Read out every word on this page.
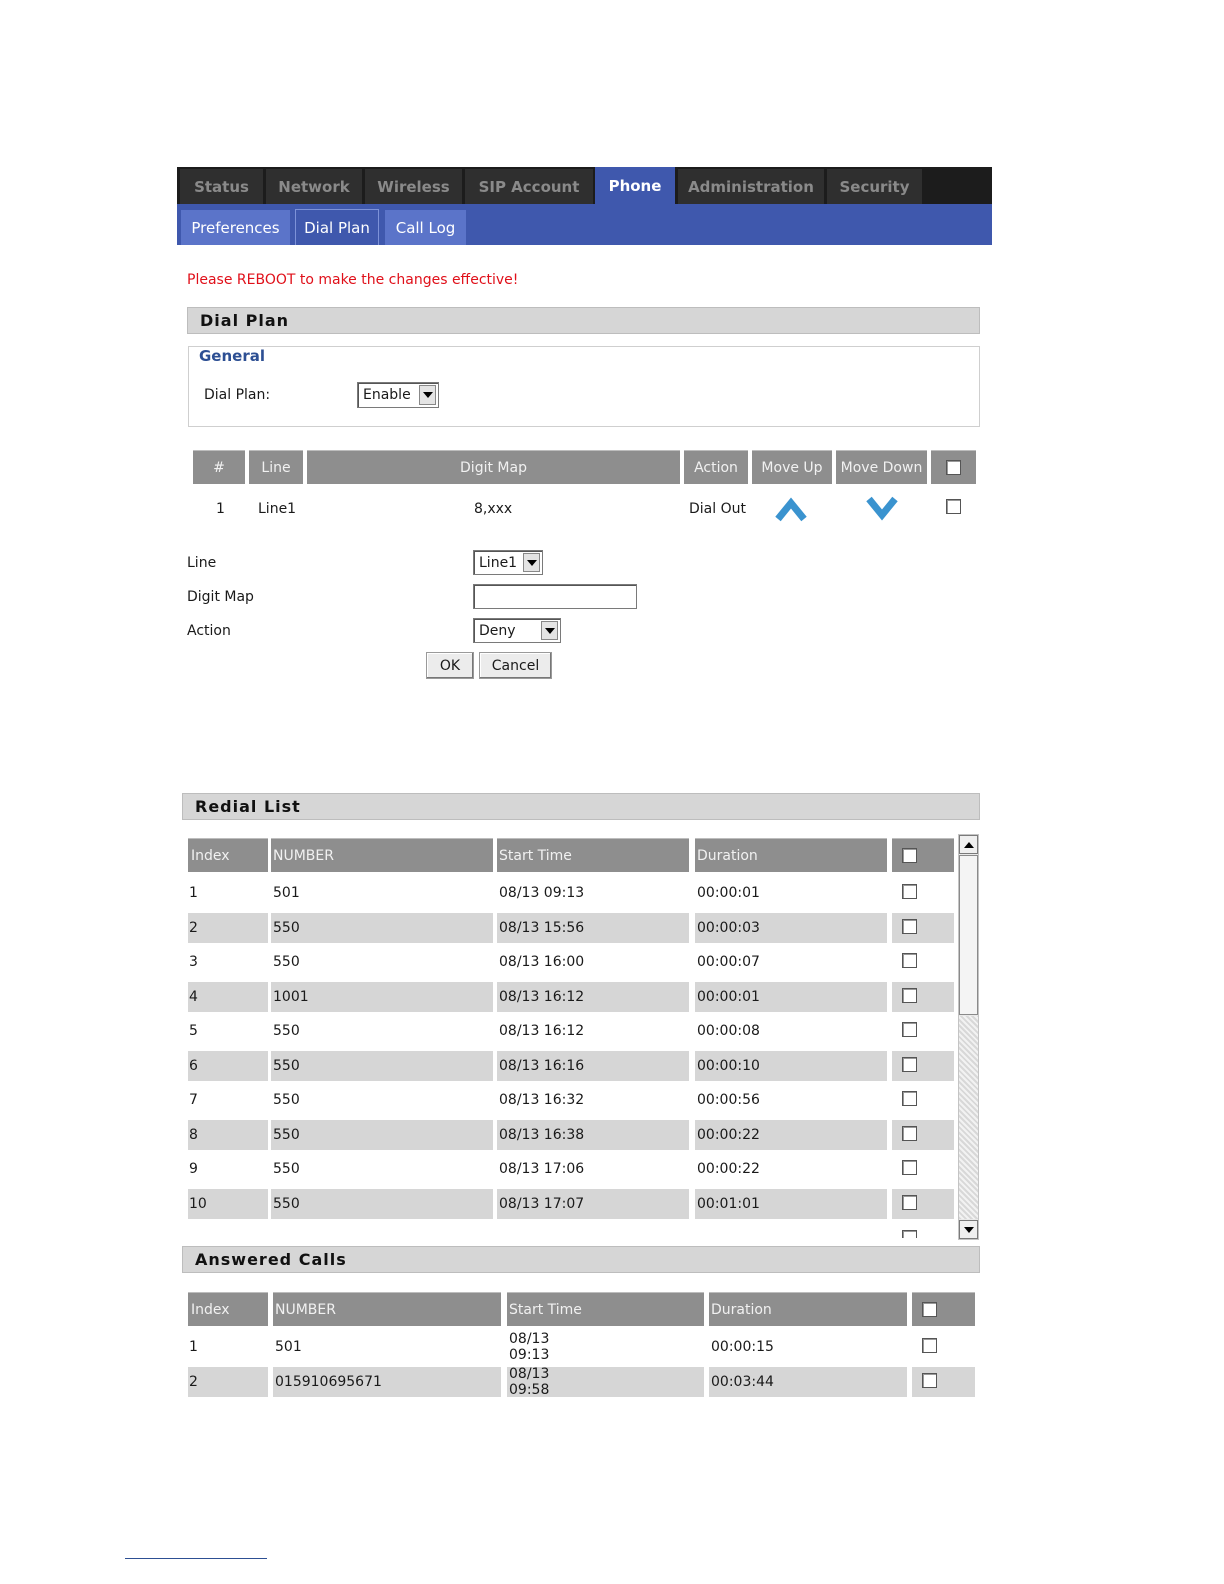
Status	Network	Wireless	SIP Account	Phone	Administration	Security
Preferences	Dial Plan	Call Log
Please REBOOT to make the changes effective!
Dial Plan
General
Dial Plan:	Enable
#	Line	Digit Map	Action	Move Up	Move Down
1 Line1	8,xxx	Dial Out
Line	Line1
Digit Map
Action	Deny
OK	Cancel
Redial List
Index	NUMBER	Start Time	Duration
1	501	08/13 09:13	00:00:01
2	550	08/13 15:56	00:00:03
3	550	08/13 16:00	00:00:07
4	1001	08/13 16:12	00:00:01
5	550	08/13 16:12	00:00:08
6	550	08/13 16:16	00:00:10
7	550	08/13 16:32	00:00:56
8	550	08/13 16:38	00:00:22
9	550	08/13 17:06	00:00:22
10	550	08/13 17:07	00:01:01

Answered Calls
Index	NUMBER	Start Time	Duration
1	501	08/13 09:13	00:00:15
2	015910695671	08/13 09:58	00:03:44
